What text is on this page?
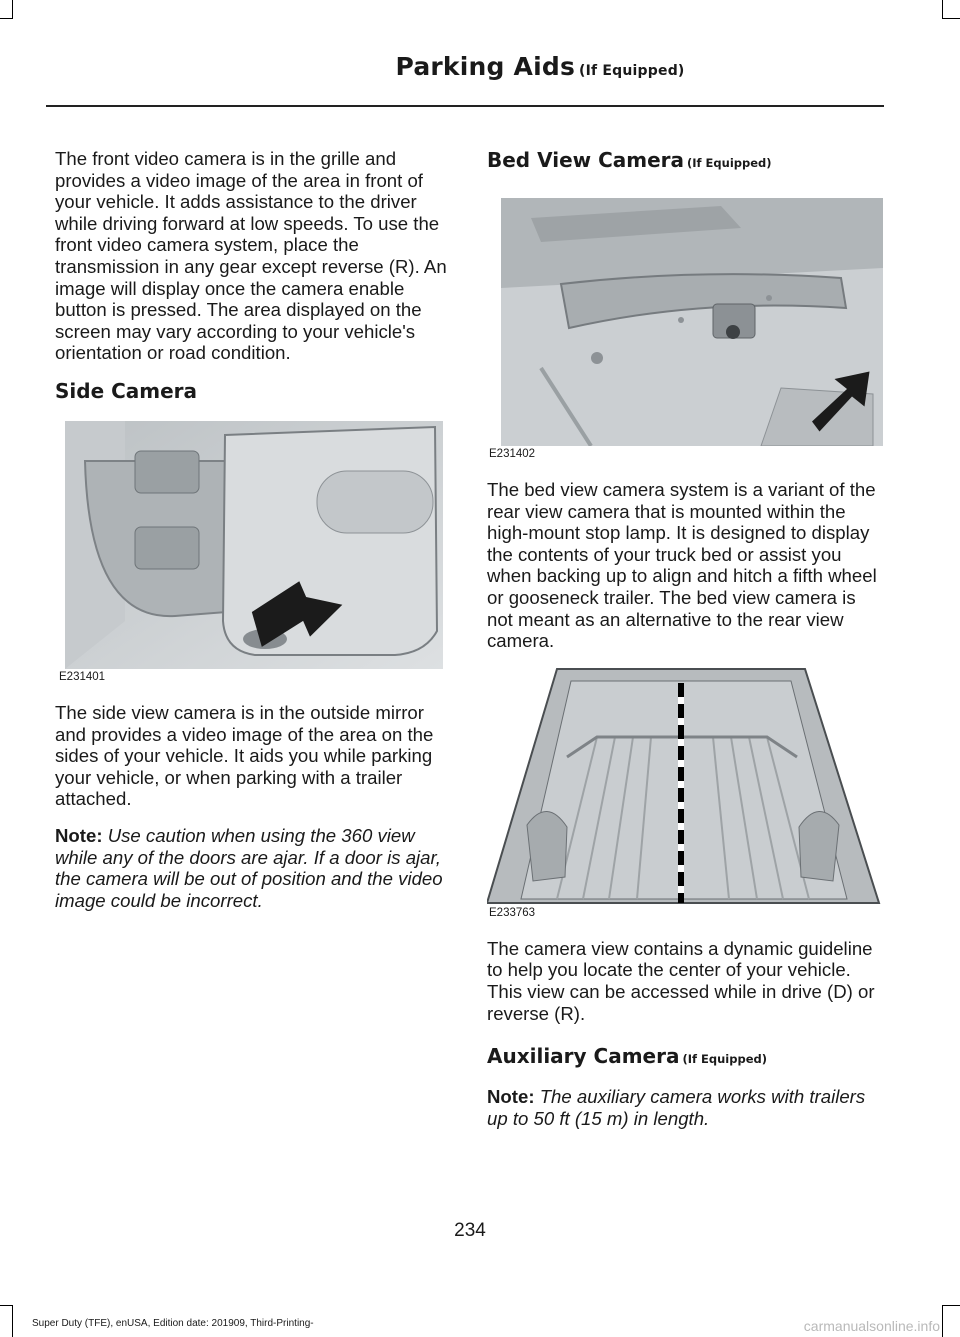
Parking Aids (If Equipped)

The front video camera is in the grille and provides a video image of the area in front of your vehicle. It adds assistance to the driver while driving forward at low speeds. To use the front video camera system, place the transmission in any gear except reverse (R). An image will display once the camera enable button is pressed. The area displayed on the screen may vary according to your vehicle's orientation or road condition.

Side Camera
E231401

The side view camera is in the outside mirror and provides a video image of the area on the sides of your vehicle. It aids you while parking your vehicle, or when parking with a trailer attached.

Note: Use caution when using the 360 view while any of the doors are ajar. If a door is ajar, the camera will be out of position and the video image could be incorrect.

Bed View Camera (If Equipped)
E231402

The bed view camera system is a variant of the rear view camera that is mounted within the high-mount stop lamp. It is designed to display the contents of your truck bed or assist you when backing up to align and hitch a fifth wheel or gooseneck trailer. The bed view camera is not meant as an alternative to the rear view camera.

E233763

The camera view contains a dynamic guideline to help you locate the center of your vehicle. This view can be accessed while in drive (D) or reverse (R).

Auxiliary Camera (If Equipped)

Note: The auxiliary camera works with trailers up to 50 ft (15 m) in length.

234
Super Duty (TFE), enUSA, Edition date: 201909, Third-Printing-	carmanualsonline.info
